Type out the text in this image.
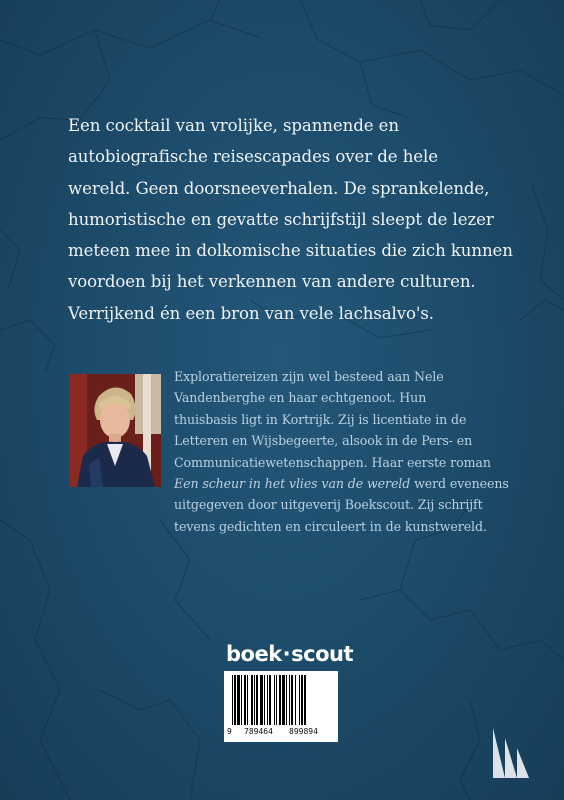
Een cocktail van vrolijke, spannende en

autobiografische reisescapades over de hele

wereld. Geen doorsneeverhalen. De sprankelende,

humoristische en gevatte schrijfstijl sleept de lezer

meteen mee in dolkomische situaties die zich kunnen

voordoen bij het verkennen van andere culturen.

Verrijkend én een bron van vele lachsalvo's.

Exploratiereizen zijn wel besteed aan Nele

Vandenberghe en haar echtgenoot. Hun

thuisbasis ligt in Kortrijk. Zij is licentiate in de

Letteren en Wijsbegeerte, alsook in de Pers- en

Communicatiewetenschappen. Haar eerste roman

Een scheur in het vlies van de wereld werd eveneens

uitgegeven door uitgeverij Boekscout. Zij schrijft

tevens gedichten en circuleert in de kunstwereld.

boek·scout
9 789464 899894
